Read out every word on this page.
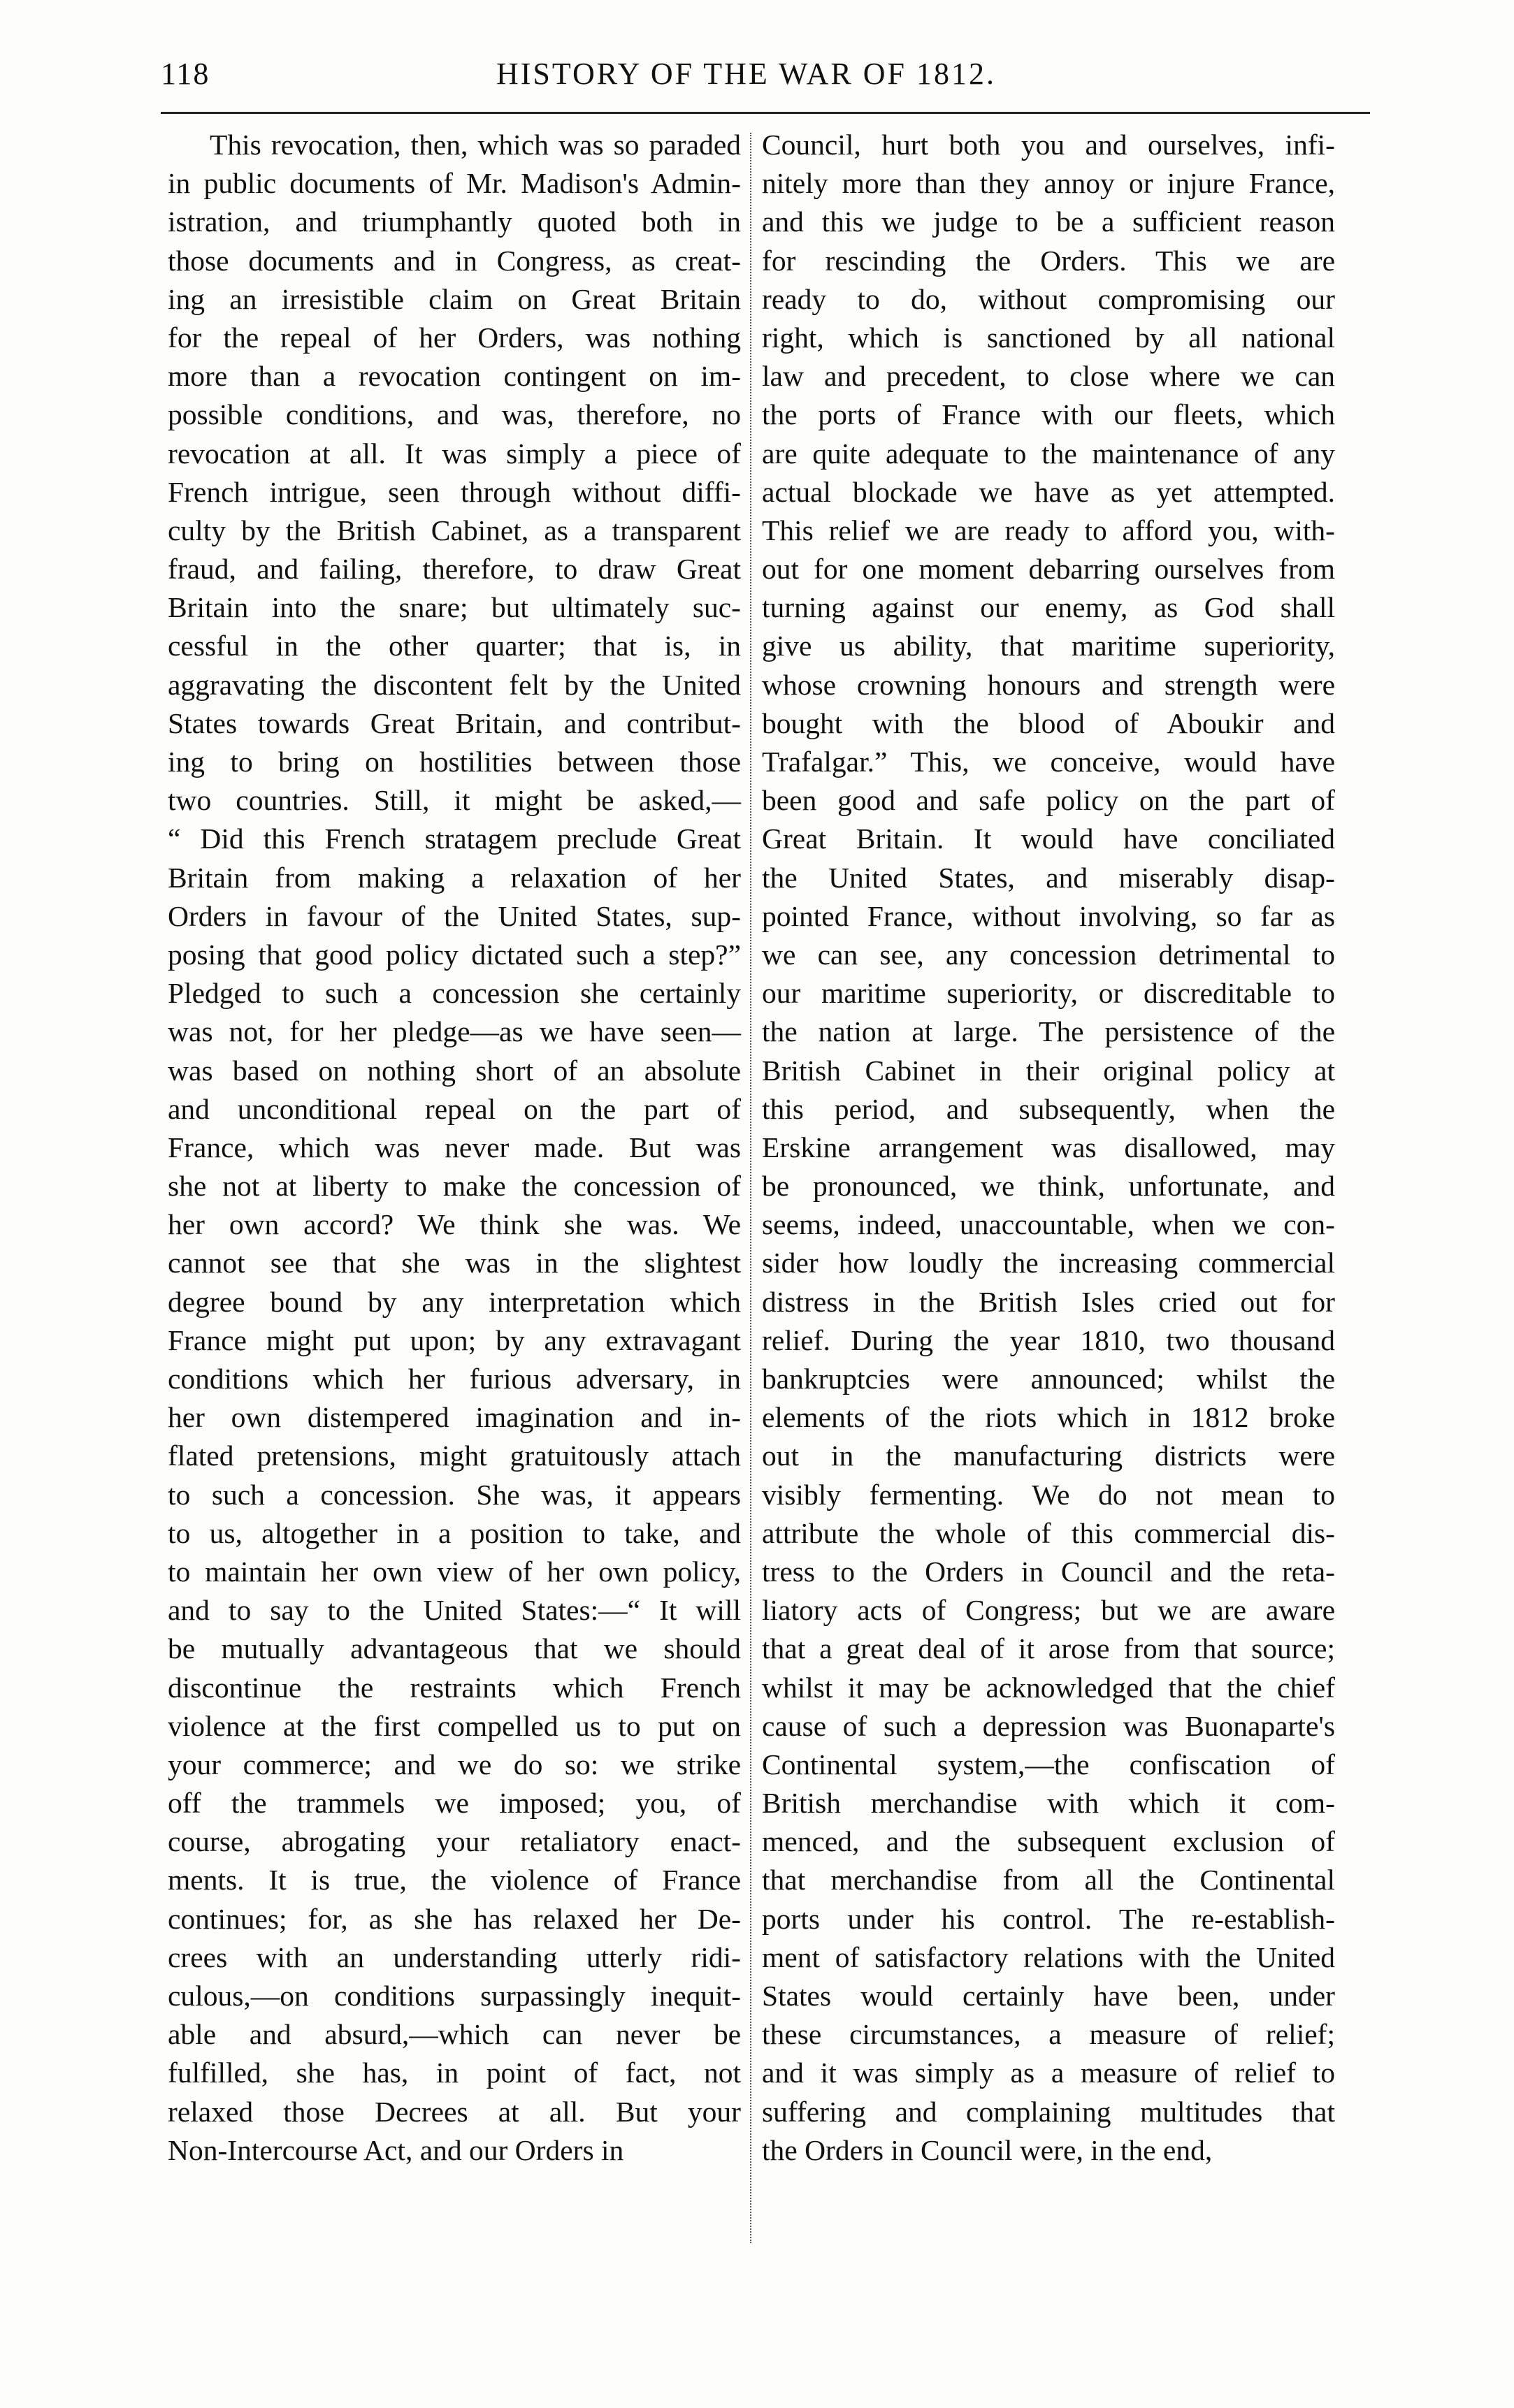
118	HISTORY OF THE WAR OF 1812.
This revocation, then, which was so paraded
in public documents of Mr. Madison's Admin-
istration, and triumphantly quoted both in
those documents and in Congress, as creat-
ing an irresistible claim on Great Britain
for the repeal of her Orders, was nothing
more than a revocation contingent on im-
possible conditions, and was, therefore, no
revocation at all. It was simply a piece of
French intrigue, seen through without diffi-
culty by the British Cabinet, as a transparent
fraud, and failing, therefore, to draw Great
Britain into the snare; but ultimately suc-
cessful in the other quarter; that is, in
aggravating the discontent felt by the United
States towards Great Britain, and contribut-
ing to bring on hostilities between those
two countries. Still, it might be asked,—
“ Did this French stratagem preclude Great
Britain from making a relaxation of her
Orders in favour of the United States, sup-
posing that good policy dictated such a step?”
Pledged to such a concession she certainly
was not, for her pledge—as we have seen—
was based on nothing short of an absolute
and unconditional repeal on the part of
France, which was never made. But was
she not at liberty to make the concession of
her own accord? We think she was. We
cannot see that she was in the slightest
degree bound by any interpretation which
France might put upon; by any extravagant
conditions which her furious adversary, in
her own distempered imagination and in-
flated pretensions, might gratuitously attach
to such a concession. She was, it appears
to us, altogether in a position to take, and
to maintain her own view of her own policy,
and to say to the United States:—“ It will
be mutually advantageous that we should
discontinue the restraints which French
violence at the first compelled us to put on
your commerce; and we do so: we strike
off the trammels we imposed; you, of
course, abrogating your retaliatory enact-
ments. It is true, the violence of France
continues; for, as she has relaxed her De-
crees with an understanding utterly ridi-
culous,—on conditions surpassingly inequit-
able and absurd,—which can never be
fulfilled, she has, in point of fact, not
relaxed those Decrees at all. But your
Non-Intercourse Act, and our Orders in
Council, hurt both you and ourselves, infi-
nitely more than they annoy or injure France,
and this we judge to be a sufficient reason
for rescinding the Orders. This we are
ready to do, without compromising our
right, which is sanctioned by all national
law and precedent, to close where we can
the ports of France with our fleets, which
are quite adequate to the maintenance of any
actual blockade we have as yet attempted.
This relief we are ready to afford you, with-
out for one moment debarring ourselves from
turning against our enemy, as God shall
give us ability, that maritime superiority,
whose crowning honours and strength were
bought with the blood of Aboukir and
Trafalgar.” This, we conceive, would have
been good and safe policy on the part of
Great Britain. It would have conciliated
the United States, and miserably disap-
pointed France, without involving, so far as
we can see, any concession detrimental to
our maritime superiority, or discreditable to
the nation at large. The persistence of the
British Cabinet in their original policy at
this period, and subsequently, when the
Erskine arrangement was disallowed, may
be pronounced, we think, unfortunate, and
seems, indeed, unaccountable, when we con-
sider how loudly the increasing commercial
distress in the British Isles cried out for
relief. During the year 1810, two thousand
bankruptcies were announced; whilst the
elements of the riots which in 1812 broke
out in the manufacturing districts were
visibly fermenting. We do not mean to
attribute the whole of this commercial dis-
tress to the Orders in Council and the reta-
liatory acts of Congress; but we are aware
that a great deal of it arose from that source;
whilst it may be acknowledged that the chief
cause of such a depression was Buonaparte's
Continental system,—the confiscation of
British merchandise with which it com-
menced, and the subsequent exclusion of
that merchandise from all the Continental
ports under his control. The re-establish-
ment of satisfactory relations with the United
States would certainly have been, under
these circumstances, a measure of relief;
and it was simply as a measure of relief to
suffering and complaining multitudes that
the Orders in Council were, in the end,
